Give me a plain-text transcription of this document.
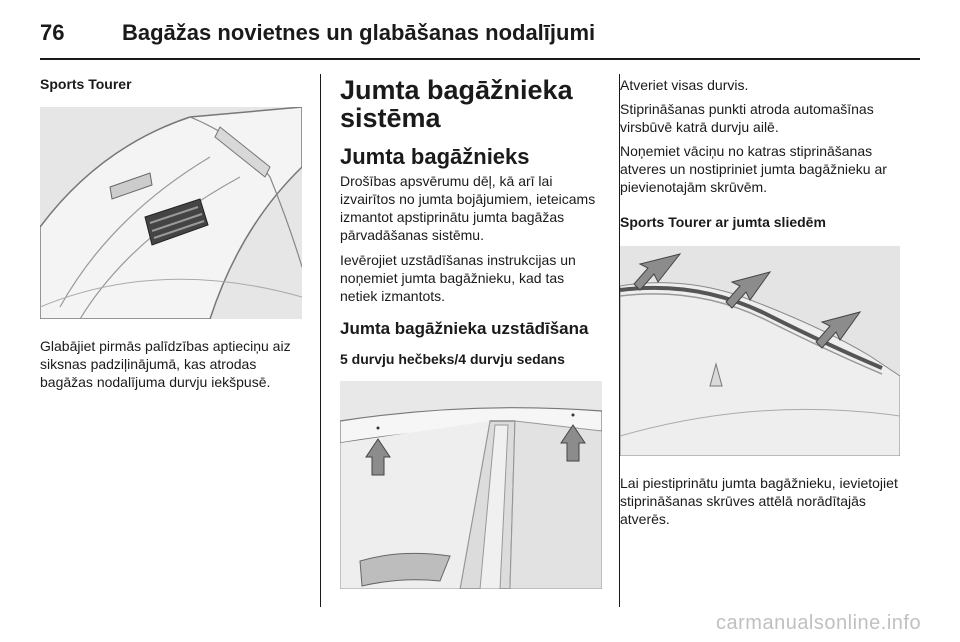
76	Bagāžas novietnes un glabāšanas nodalījumi

Sports Tourer

Glabājiet pirmās palīdzības aptieciņu aiz siksnas padziļinājumā, kas atrodas bagāžas nodalījuma durvju iekšpusē.

Jumta bagāžnieka sistēma

Jumta bagāžnieks

Drošības apsvērumu dēļ, kā arī lai izvairītos no jumta bojājumiem, ieteicams izmantot apstiprinātu jumta bagāžas pārvadāšanas sistēmu.

Ievērojiet uzstādīšanas instrukcijas un noņemiet jumta bagāžnieku, kad tas netiek izmantots.

Jumta bagāžnieka uzstādīšana

5 durvju hečbeks/4 durvju sedans

Atveriet visas durvis.

Stiprināšanas punkti atroda automašīnas virsbūvē katrā durvju ailē.

Noņemiet vāciņu no katras stiprināšanas atveres un nostipriniet jumta bagāžnieku ar pievienotajām skrūvēm.

Sports Tourer ar jumta sliedēm

Lai piestiprinātu jumta bagāžnieku, ievietojiet stiprināšanas skrūves attēlā norādītajās atverēs.

carmanualsonline.info
